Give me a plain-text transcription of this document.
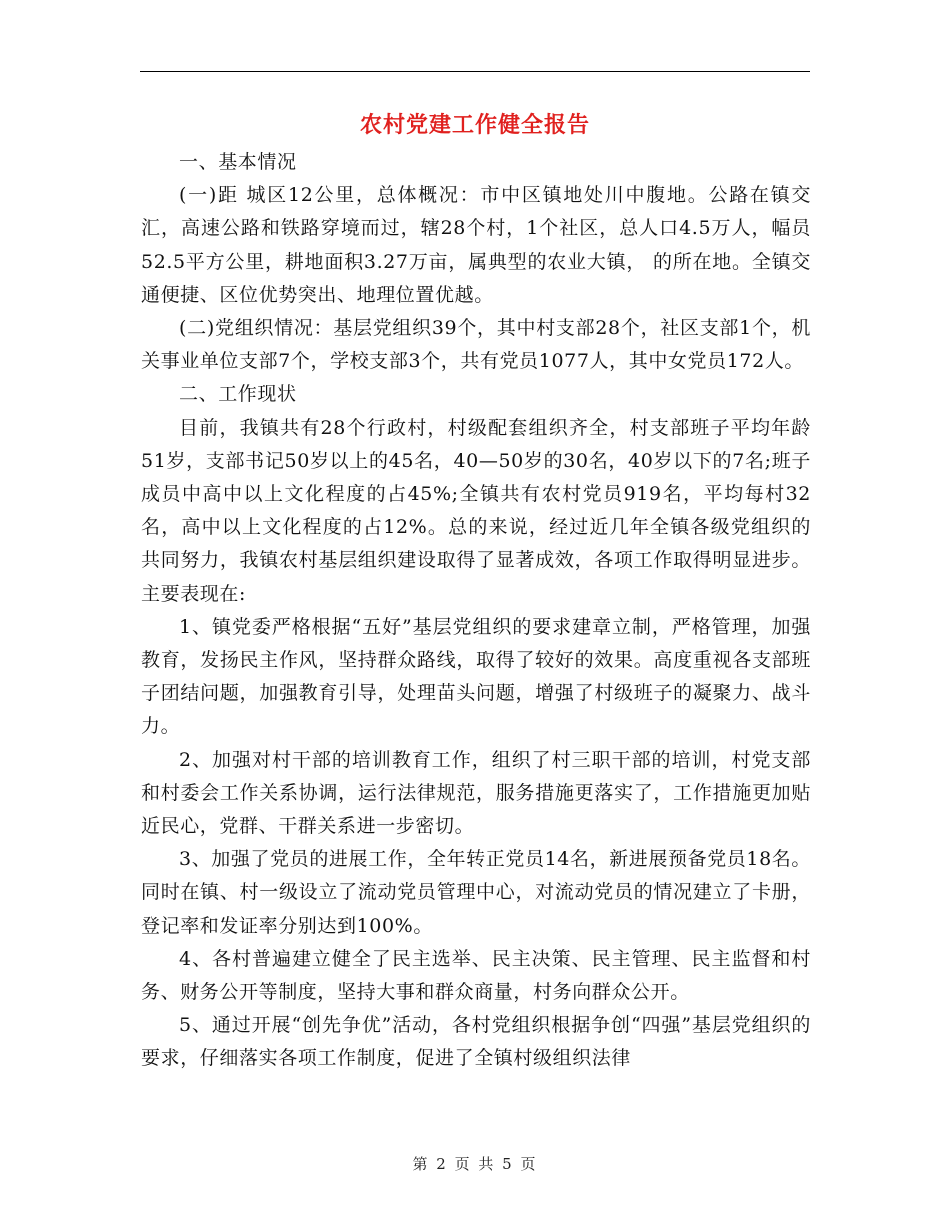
农村党建工作健全报告

一、基本情况

(一)距 城区12公里，总体概况：市中区镇地处川中腹地。公路在镇交汇，高速公路和铁路穿境而过，辖28个村，1个社区，总人口4.5万人，幅员52.5平方公里，耕地面积3.27万亩，属典型的农业大镇， 的所在地。全镇交通便捷、区位优势突出、地理位置优越。

(二)党组织情况：基层党组织39个，其中村支部28个，社区支部1个，机关事业单位支部7个，学校支部3个，共有党员1077人，其中女党员172人。

二、工作现状

目前，我镇共有28个行政村，村级配套组织齐全，村支部班子平均年龄51岁，支部书记50岁以上的45名，40—50岁的30名，40岁以下的7名;班子成员中高中以上文化程度的占45%;全镇共有农村党员919名，平均每村32名，高中以上文化程度的占12%。总的来说，经过近几年全镇各级党组织的共同努力，我镇农村基层组织建设取得了显著成效，各项工作取得明显进步。主要表现在:

1、镇党委严格根据“五好”基层党组织的要求建章立制，严格管理，加强教育，发扬民主作风，坚持群众路线，取得了较好的效果。高度重视各支部班子团结问题，加强教育引导，处理苗头问题，增强了村级班子的凝聚力、战斗力。

2、加强对村干部的培训教育工作，组织了村三职干部的培训，村党支部和村委会工作关系协调，运行法律规范，服务措施更落实了，工作措施更加贴近民心，党群、干群关系进一步密切。

3、加强了党员的进展工作，全年转正党员14名，新进展预备党员18名。同时在镇、村一级设立了流动党员管理中心，对流动党员的情况建立了卡册，登记率和发证率分别达到100%。

4、各村普遍建立健全了民主选举、民主决策、民主管理、民主监督和村务、财务公开等制度，坚持大事和群众商量，村务向群众公开。

5、通过开展“创先争优”活动，各村党组织根据争创“四强”基层党组织的要求，仔细落实各项工作制度，促进了全镇村级组织法律

第 2 页 共 5 页
